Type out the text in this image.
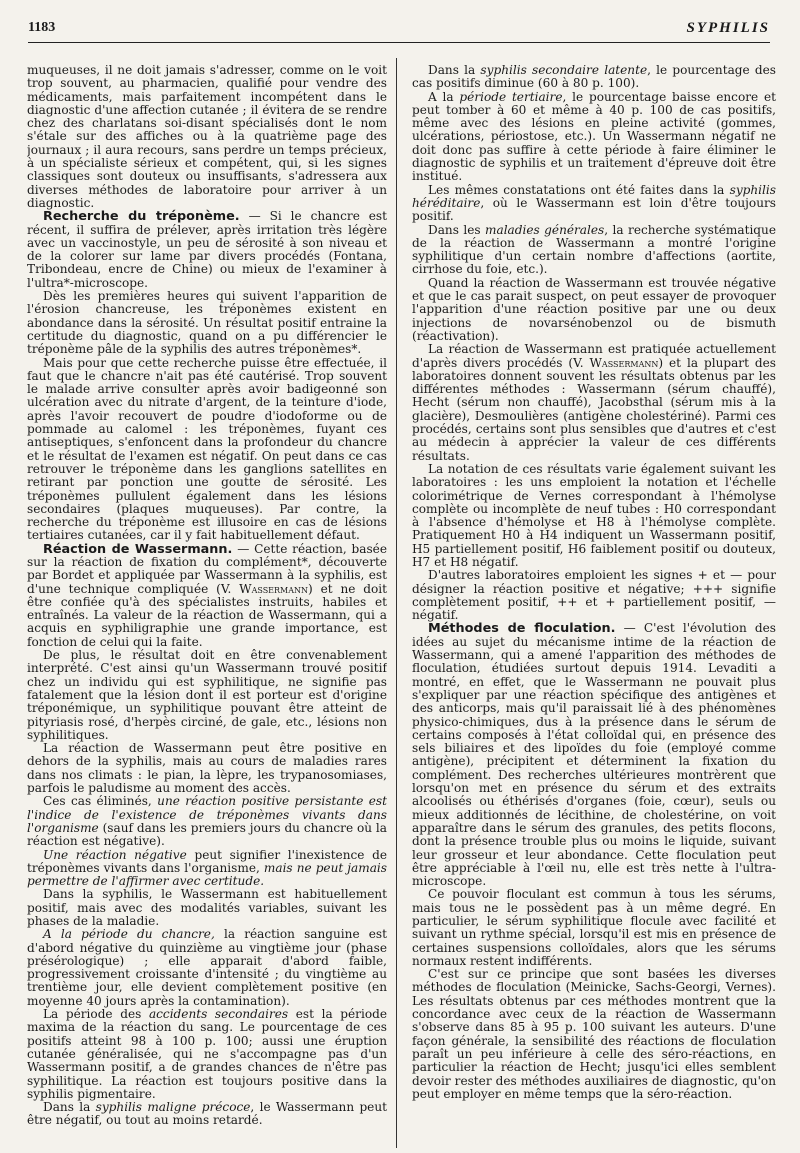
1183	SYPHILIS

muqueuses, il ne doit jamais s'adresser, comme on le voit trop souvent, au pharmacien, qualifié pour vendre des médicaments, mais parfaitement incompétent dans le diagnostic d'une affection cutanée ; il évitera de se rendre chez des charlatans soi-disant spécialisés dont le nom s'étale sur des affiches ou à la quatrième page des journaux ; il aura recours, sans perdre un temps précieux, à un spécialiste sérieux et compétent, qui, si les signes classiques sont douteux ou insuffisants, s'adressera aux diverses méthodes de laboratoire pour arriver à un diagnostic.

Recherche du tréponème. — Si le chancre est récent, il suffira de prélever, après irritation très légère avec un vaccinostyle, un peu de sérosité à son niveau et de la colorer sur lame par divers procédés (Fontana, Tribondeau, encre de Chine) ou mieux de l'examiner à l'ultra*-microscope.

Dès les premières heures qui suivent l'apparition de l'érosion chancreuse, les tréponèmes existent en abondance dans la sérosité. Un résultat positif entraine la certitude du diagnostic, quand on a pu différencier le tréponème pâle de la syphilis des autres tréponèmes*.

Mais pour que cette recherche puisse être effectuée, il faut que le chancre n'ait pas été cautérisé. Trop souvent le malade arrive consulter après avoir badigeonné son ulcération avec du nitrate d'argent, de la teinture d'iode, après l'avoir recouvert de poudre d'iodoforme ou de pommade au calomel : les tréponèmes, fuyant ces antiseptiques, s'enfoncent dans la profondeur du chancre et le résultat de l'examen est négatif. On peut dans ce cas retrouver le tréponème dans les ganglions satellites en retirant par ponction une goutte de sérosité. Les tréponèmes pullulent également dans les lésions secondaires (plaques muqueuses). Par contre, la recherche du tréponème est illusoire en cas de lésions tertiaires cutanées, car il y fait habituellement défaut.

Réaction de Wassermann. — Cette réaction, basée sur la réaction de fixation du complément*, découverte par Bordet et appliquée par Wassermann à la syphilis, est d'une technique compliquée (V. Wassermann) et ne doit être confiée qu'à des spécialistes instruits, habiles et entraînés. La valeur de la réaction de Wassermann, qui a acquis en syphiligraphie une grande importance, est fonction de celui qui la faite.

De plus, le résultat doit en être convenablement interprété. C'est ainsi qu'un Wassermann trouvé positif chez un individu qui est syphilitique, ne signifie pas fatalement que la lésion dont il est porteur est d'origine tréponémique, un syphilitique pouvant être atteint de pityriasis rosé, d'herpès circiné, de gale, etc., lésions non syphilitiques.

La réaction de Wassermann peut être positive en dehors de la syphilis, mais au cours de maladies rares dans nos climats : le pian, la lèpre, les trypanosomiases, parfois le paludisme au moment des accès.

Ces cas éliminés, une réaction positive persistante est l'indice de l'existence de tréponèmes vivants dans l'organisme (sauf dans les premiers jours du chancre où la réaction est négative).

Une réaction négative peut signifier l'inexistence de tréponèmes vivants dans l'organisme, mais ne peut jamais permettre de l'affirmer avec certitude.

Dans la syphilis, le Wassermann est habituellement positif, mais avec des modalités variables, suivant les phases de la maladie.

A la période du chancre, la réaction sanguine est d'abord négative du quinzième au vingtième jour (phase présérologique) ; elle apparait d'abord faible, progressivement croissante d'intensité ; du vingtième au trentième jour, elle devient complètement positive (en moyenne 40 jours après la contamination).

La période des accidents secondaires est la période maxima de la réaction du sang. Le pourcentage de ces positifs atteint 98 à 100 p. 100; aussi une éruption cutanée généralisée, qui ne s'accompagne pas d'un Wassermann positif, a de grandes chances de n'être pas syphilitique. La réaction est toujours positive dans la syphilis pigmentaire.

Dans la syphilis maligne précoce, le Wassermann peut être négatif, ou tout au moins retardé.

Dans la syphilis secondaire latente, le pourcentage des cas positifs diminue (60 à 80 p. 100).

A la période tertiaire, le pourcentage baisse encore et peut tomber à 60 et même à 40 p. 100 de cas positifs, même avec des lésions en pleine activité (gommes, ulcérations, périostose, etc.). Un Wassermann négatif ne doit donc pas suffire à cette période à faire éliminer le diagnostic de syphilis et un traitement d'épreuve doit être institué.

Les mêmes constatations ont été faites dans la syphilis héréditaire, où le Wassermann est loin d'être toujours positif.

Dans les maladies générales, la recherche systématique de la réaction de Wassermann a montré l'origine syphilitique d'un certain nombre d'affections (aortite, cirrhose du foie, etc.).

Quand la réaction de Wassermann est trouvée négative et que le cas parait suspect, on peut essayer de provoquer l'apparition d'une réaction positive par une ou deux injections de novarsénobenzol ou de bismuth (réactivation).

La réaction de Wassermann est pratiquée actuellement d'après divers procédés (V. Wassermann) et la plupart des laboratoires donnent souvent les résultats obtenus par les différentes méthodes : Wassermann (sérum chauffé), Hecht (sérum non chauffé), Jacobsthal (sérum mis à la glacière), Desmoulières (antigène cholestériné). Parmi ces procédés, certains sont plus sensibles que d'autres et c'est au médecin à apprécier la valeur de ces différents résultats.

La notation de ces résultats varie également suivant les laboratoires : les uns emploient la notation et l'échelle colorimétrique de Vernes correspondant à l'hémolyse complète ou incomplète de neuf tubes : H0 correspondant à l'absence d'hémolyse et H8 à l'hémolyse complète. Pratiquement H0 à H4 indiquent un Wassermann positif, H5 partiellement positif, H6 faiblement positif ou douteux, H7 et H8 négatif.

D'autres laboratoires emploient les signes + et — pour désigner la réaction positive et négative; +++ signifie complètement positif, ++ et + partiellement positif, — négatif.

Méthodes de floculation. — C'est l'évolution des idées au sujet du mécanisme intime de la réaction de Wassermann, qui a amené l'apparition des méthodes de floculation, étudiées surtout depuis 1914. Levaditi a montré, en effet, que le Wassermann ne pouvait plus s'expliquer par une réaction spécifique des antigènes et des anticorps, mais qu'il paraissait lié à des phénomènes physico-chimiques, dus à la présence dans le sérum de certains composés à l'état colloïdal qui, en présence des sels biliaires et des lipoïdes du foie (employé comme antigène), précipitent et déterminent la fixation du complément. Des recherches ultérieures montrèrent que lorsqu'on met en présence du sérum et des extraits alcoolisés ou éthérisés d'organes (foie, cœur), seuls ou mieux additionnés de lécithine, de cholestérine, on voit apparaître dans le sérum des granules, des petits flocons, dont la présence trouble plus ou moins le liquide, suivant leur grosseur et leur abondance. Cette floculation peut être appréciable à l'œil nu, elle est très nette à l'ultra-microscope.

Ce pouvoir floculant est commun à tous les sérums, mais tous ne le possèdent pas à un même degré. En particulier, le sérum syphilitique flocule avec facilité et suivant un rythme spécial, lorsqu'il est mis en présence de certaines suspensions colloïdales, alors que les sérums normaux restent indifférents.

C'est sur ce principe que sont basées les diverses méthodes de floculation (Meinicke, Sachs-Georgi, Vernes). Les résultats obtenus par ces méthodes montrent que la concordance avec ceux de la réaction de Wassermann s'observe dans 85 à 95 p. 100 suivant les auteurs. D'une façon générale, la sensibilité des réactions de floculation paraît un peu inférieure à celle des séro-réactions, en particulier la réaction de Hecht; jusqu'ici elles semblent devoir rester des méthodes auxiliaires de diagnostic, qu'on peut employer en même temps que la séro-réaction.
